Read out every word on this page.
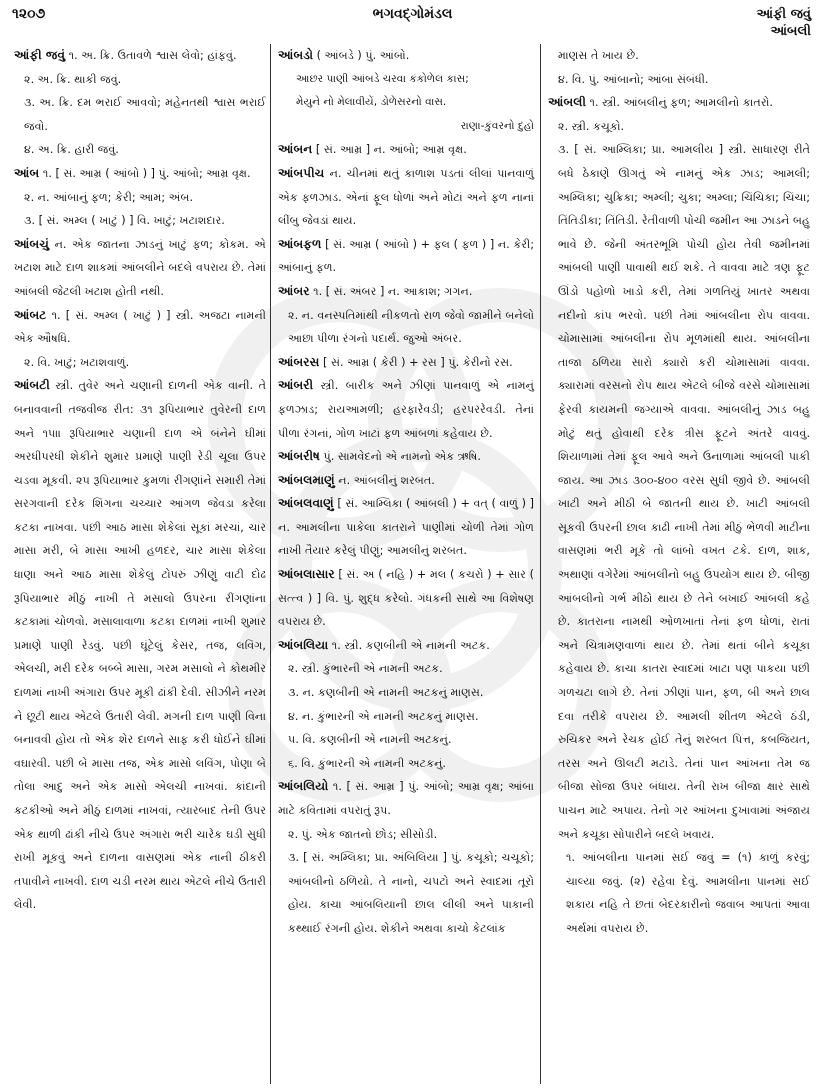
૧૨૦૭	ભગવદ્ગોમંડલ	આંફી જવું
આંબલી

આંફી જવું ૧. અ. ક્રિ. ઉતાવળે શ્વાસ લેવો; હાંફવું.

૨. અ. ક્રિ. થાકી જવું.

૩. અ. ક્રિ. દમ ભરાઈ આવવો; મહેનતથી શ્વાસ ભરાઈ જવો.

૪. અ. ક્રિ. હારી જવું.

આંબ ૧. [ સં. આમ્ર ( આંબો ) ] પું. આંબો; આમ્ર વૃક્ષ.

૨. ન. આંબાનું ફળ; કેરી; આમ; અંબ.

૩. [ સં. અમ્લ ( ખાટું ) ] વિ. ખાટું; ખટાશદાર.

આંબચું ન. એક જાતના ઝાડનું ખાટું ફળ; કોકમ. એ ખટાશ માટે દાળ શાકમાં આંબલીને બદલે વપરાય છે. તેમાં આંબલી જેટલી ખટાશ હોતી નથી.

આંબટ ૧. [ સં. અમ્લ ( ખાટું ) ] સ્ત્રી. અજટા નામની એક ઔષધિ.

૨. વિ. ખાટું; ખટાશવાળું.

આંબટી સ્ત્રી. તુવેર અને ચણાની દાળની એક વાની. તે બનાવવાની તજવીજ રીત: ૩૧ રૂપિયાભાર તુવેરની દાળ અને ૧૫ાા રૂપિયાભાર ચણાની દાળ એ બંનેને ઘીમાં અરધીપરધી શેકીને શુમાર પ્રમાણે પાણી રેડી ચૂલા ઉપર ચડવા મૂકવી. ૨૫ રૂપિયાભાર કુમળાં રીંગણાંને સમારી તેમાં સરગવાની દરેક શિંગના ચચ્ચાર આંગળ જેવડા કરેલા કટકા નાખવા. પછી આઠ માસા શેકેલાં સૂકાં મરચાં, ચાર માસા મરી, બે માસા આખી હળદર, ચાર માસા શેકેલા ધાણા અને આઠ માસા શેકેલું ટોપરું ઝીણું વાટી દોઢ રૂપિયાભાર મીઠું નાખી તે મસાલો ઉપરના રીંગણાંના કટકામાં ચોળવો. મસાલાવાળા કટકા દાળમાં નાખી શુમાર પ્રમાણે પાણી રેડવું. પછી ઘૂંટેલું કેસર, તજ, લવિંગ, એલચી, મરી દરેક બબ્બે માસા, ગરમ મસાલો ને કોથમીર દાળમાં નાખી અંગારા ઉપર મૂકી ઢાંકી દેવી. સીઝીને નરમ ને છૂટી થાય એટલે ઉતારી લેવી. મગની દાળ પાણી વિના બનાવવી હોય તો એક શેર દાળને સાફ કરી ધોઈને ઘીમાં વઘારવી. પછી બે માસા તજ, એક માસો લવિંગ, પોણા બે તોલા આદુ અને એક માસો એલચી નાખવાં. કાંદાની કટકીઓ અને મીઠું દાળમાં નાખવાં, ત્યારબાદ તેની ઉપર એક થાળી ઢાંકી નીચે ઉપર અંગારા ભરી ચારેક ઘડી સુધી રાખી મૂકવું અને દાળના વાસણમાં એક નાની ઠીકરી તપાવીને નાખવી. દાળ ચડી નરમ થાય એટલે નીચે ઉતારી લેવી.

આંબડો ( આંબડે ) પું. આંબો.

આછર પાણી આંબડે ચરવા કંકોળેલ કાસ;

મેયુને નો મેલાવીયેં, ડોળેસરનો વાસ.

રાણા-કુંવરનો દુહો

આંબન [ સં. આમ્ર ] ન. આંબો; આમ્ર વૃક્ષ.

આંબપીચ ન. ચીનમાં થતું કાળાશ પડતાં લીલાં પાનવાળું એક ફળઝાડ. એનાં ફૂલ ધોળાં અને મોટાં અને ફળ નાનાં લીંબુ જેવડાં થાય.

આંબફળ [ સં. આમ્ર ( આંબો ) + ફલ ( ફળ ) ] ન. કેરી; આંબાનું ફળ.

આંબર ૧. [ સં. અંબર ] ન. આકાશ; ગગન.

૨. ન. વનસ્પતિમાંથી નીકળતો રાળ જેવો જામીને બનેલો આછા પીળા રંગનો પદાર્થ. જુઓ અંબર.

આંબરસ [ સં. આમ્ર ( કેરી ) + રસ ] પું. કેરીનો રસ.

આંબરી સ્ત્રી. બારીક અને ઝીણાં પાનવાળું એ નામનું ફળઝાડ; રાયઆમળી; હરફારેવડી; હરપરરેવડી. તેનાં પીળા રંગનાં, ગોળ ખાટાં ફળ આંબળાં કહેવાય છે.

આંબરીષ પું. સામવેદનો એ નામનો એક ઋષિ.

આંબલમાણું ન. આંબલીનું શરબત.

આંબલવાણું [ સં. આમ્લિકા ( આંબલી ) + વત્ ( વાળું ) ] ન. આમલીના પાકેલા કાતરાને પાણીમાં ચોળી તેમાં ગોળ નાખી તૈયાર કરેલું પીણું; આમલીનું શરબત.

આંબલાસાર [ સં. અ ( નહિ ) + મલ ( કચરો ) + સાર ( સત્ત્વ ) ] વિ. પું. શુદ્ધ કરેલો. ગંધકની સાથે આ વિશેષણ વપરાય છે.

આંબલિયા ૧. સ્ત્રી. કણબીની એ નામની અટક.

૨. સ્ત્રી. કુંભારની એ નામની અટક.

૩. ન. કણબીની એ નામની અટકનું માણસ.

૪. ન. કુંભારની એ નામની અટકનું માણસ.

૫. વિ. કણબીની એ નામની અટકનું.

૬. વિ. કુંભારની એ નામની અટકનું.

આંબલિયો ૧. [ સં. આમ્ર ] પું. આંબો; આમ્ર વૃક્ષ; આંબા માટે કવિતામાં વપરાતું રૂપ.

૨. પું. એક જાતનો છોડ; સીસોડી.

૩. [ સં. અમ્લિકા; પ્રા. અંબિલિયા ] પું. કચૂકો; ચચૂકો; આંબલીનો ઠળિયો. તે નાનો, ચપટો અને સ્વાદમાં તૂરો હોય. કાચા આંબલિયાની છાલ લીલી અને પાકાની કથ્થાઈ રંગની હોય. શેકીને અથવા કાચો કેટલાંક

માણસ તે ખાય છે.

૪. વિ. પું. આંબાનો; આંબા સંબંધી.

આંબલી ૧. સ્ત્રી. આંબલીનું ફળ; આમલીનો કાતરો.

૨. સ્ત્રી. કચૂકો.

૩. [ સં. આમ્લિકા; પ્રા. આમલીય ] સ્ત્રી. સાધારણ રીતે બધે ઠેકાણે ઊગતું એ નામનું એક ઝાડ; આમલી; અમ્લિકા; ચુક્રિકા; અમ્લી; ચુકા; અમ્લા; ચિંચિકા; ચિંચા; તિંતિડીકા; તિંતિડી. રેતીવાળી પોચી જમીન આ ઝાડને બહુ ભાવે છે. જેની અંતરભૂમિ પોચી હોય તેવી જમીનમાં આંબલી પાણી પાવાથી થઈ શકે. તે વાવવા માટે ત્રણ ફૂટ ઊંડો પહોળો ખાડો કરી, તેમાં ગળતિયું ખાતર અથવા નદીનો કાંપ ભરવો. પછી તેમાં આંબલીના રોપ વાવવા. ચોમાસામાં આંબલીના રોપ મૂળમાંથી થાય. આંબલીના તાજા ઠળિયા સારો ક્યારો કરી ચોમાસામાં વાવવા. ક્યારામાં વરસનો રોપ થાય એટલે બીજે વરસે ચોમાસામાં ફેરવી કાયમની જગ્યાએ વાવવા. આંબલીનું ઝાડ બહુ મોટું થતું હોવાથી દરેક ત્રીસ ફૂટને અંતરે વાવવું. શિયાળામાં તેમાં ફૂલ આવે અને ઉનાળામાં આંબલી પાકી જાય. આ ઝાડ ૩૦૦-૪૦૦ વરસ સુધી જીવે છે. આંબલી ખાટી અને મીઠી બે જાતની થાય છે. ખાટી આંબલી સૂકવી ઉપરની છાલ કાઢી નાખી તેમાં મીઠું ભેળવી માટીના વાસણમાં ભરી મૂકે તો લાંબો વખત ટકે. દાળ, શાક, અથાણાં વગેરેમાં આંબલીનો બહુ ઉપયોગ થાય છે. બીજી આંબલીનો ગર્ભ મીઠો થાય છે તેને બખાઈ આંબલી કહે છે. કાતરાના નામથી ઓળખાતાં તેનાં ફળ ધોળાં, રાતાં અને ચિત્રામણવાળાં થાય છે. તેમાં થતાં બીને કચૂકા કહેવાય છે. કાચા કાતરા સ્વાદમાં ખાટા પણ પાકયા પછી ગળચટા લાગે છે. તેનાં ઝીણાં પાન, ફળ, બી અને છાલ દવા તરીકે વપરાય છે. આમલી શીતળ એટલે ઠંડી, રુચિકર અને રેચક હોઈ તેનું શરબત પિત્ત, કબજિયત, તરસ અને ઊલટી મટાડે. તેનાં પાન આંખના તેમ જ બીજા સોજા ઉપર બંધાય. તેની રાખ બીજા ક્ષાર સાથે પાચન માટે અપાય. તેનો ગર આંખના દુખાવામાં અંજાય અને કચૂકા સોપારીને બદલે ખવાય.

૧. આંબલીના પાનમાં સઈ જવું = (૧) કાળું કરવું; ચાલ્યા જવું. (૨) રહેવા દેવું. આમલીના પાનમાં સઈ શકાય નહિ તે છતાં બેદરકારીનો જવાબ આપતાં આવા અર્થમાં વપરાય છે.
